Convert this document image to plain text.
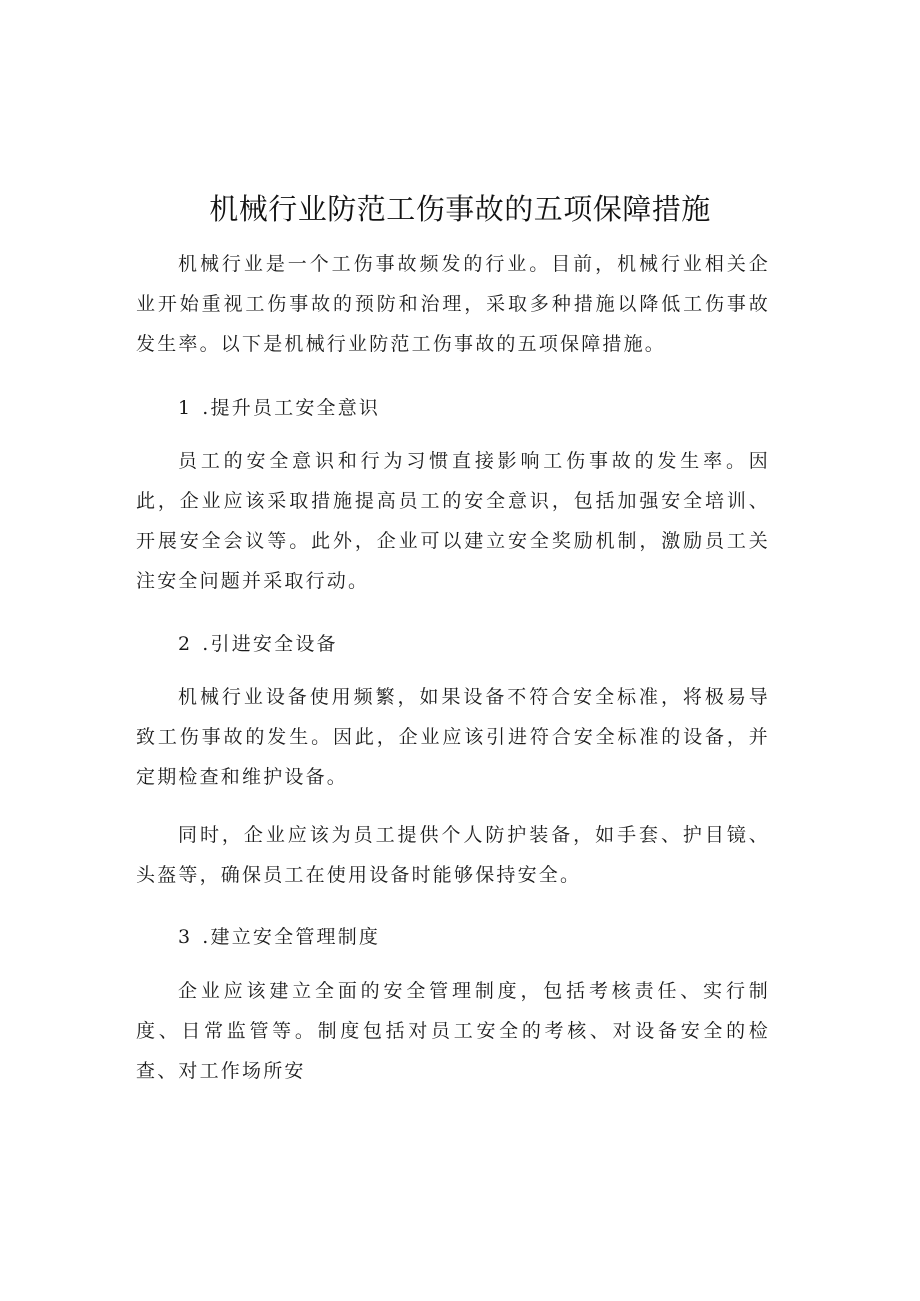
机械行业防范工伤事故的五项保障措施

机械行业是一个工伤事故频发的行业。目前，机械行业相关企业开始重视工伤事故的预防和治理，采取多种措施以降低工伤事故发生率。以下是机械行业防范工伤事故的五项保障措施。

1 .提升员工安全意识

员工的安全意识和行为习惯直接影响工伤事故的发生率。因此，企业应该采取措施提高员工的安全意识，包括加强安全培训、开展安全会议等。此外，企业可以建立安全奖励机制，激励员工关注安全问题并采取行动。

2 .引进安全设备

机械行业设备使用频繁，如果设备不符合安全标准，将极易导致工伤事故的发生。因此，企业应该引进符合安全标准的设备，并定期检查和维护设备。

同时，企业应该为员工提供个人防护装备，如手套、护目镜、头盔等，确保员工在使用设备时能够保持安全。

3 .建立安全管理制度

企业应该建立全面的安全管理制度，包括考核责任、实行制度、日常监管等。制度包括对员工安全的考核、对设备安全的检查、对工作场所安
